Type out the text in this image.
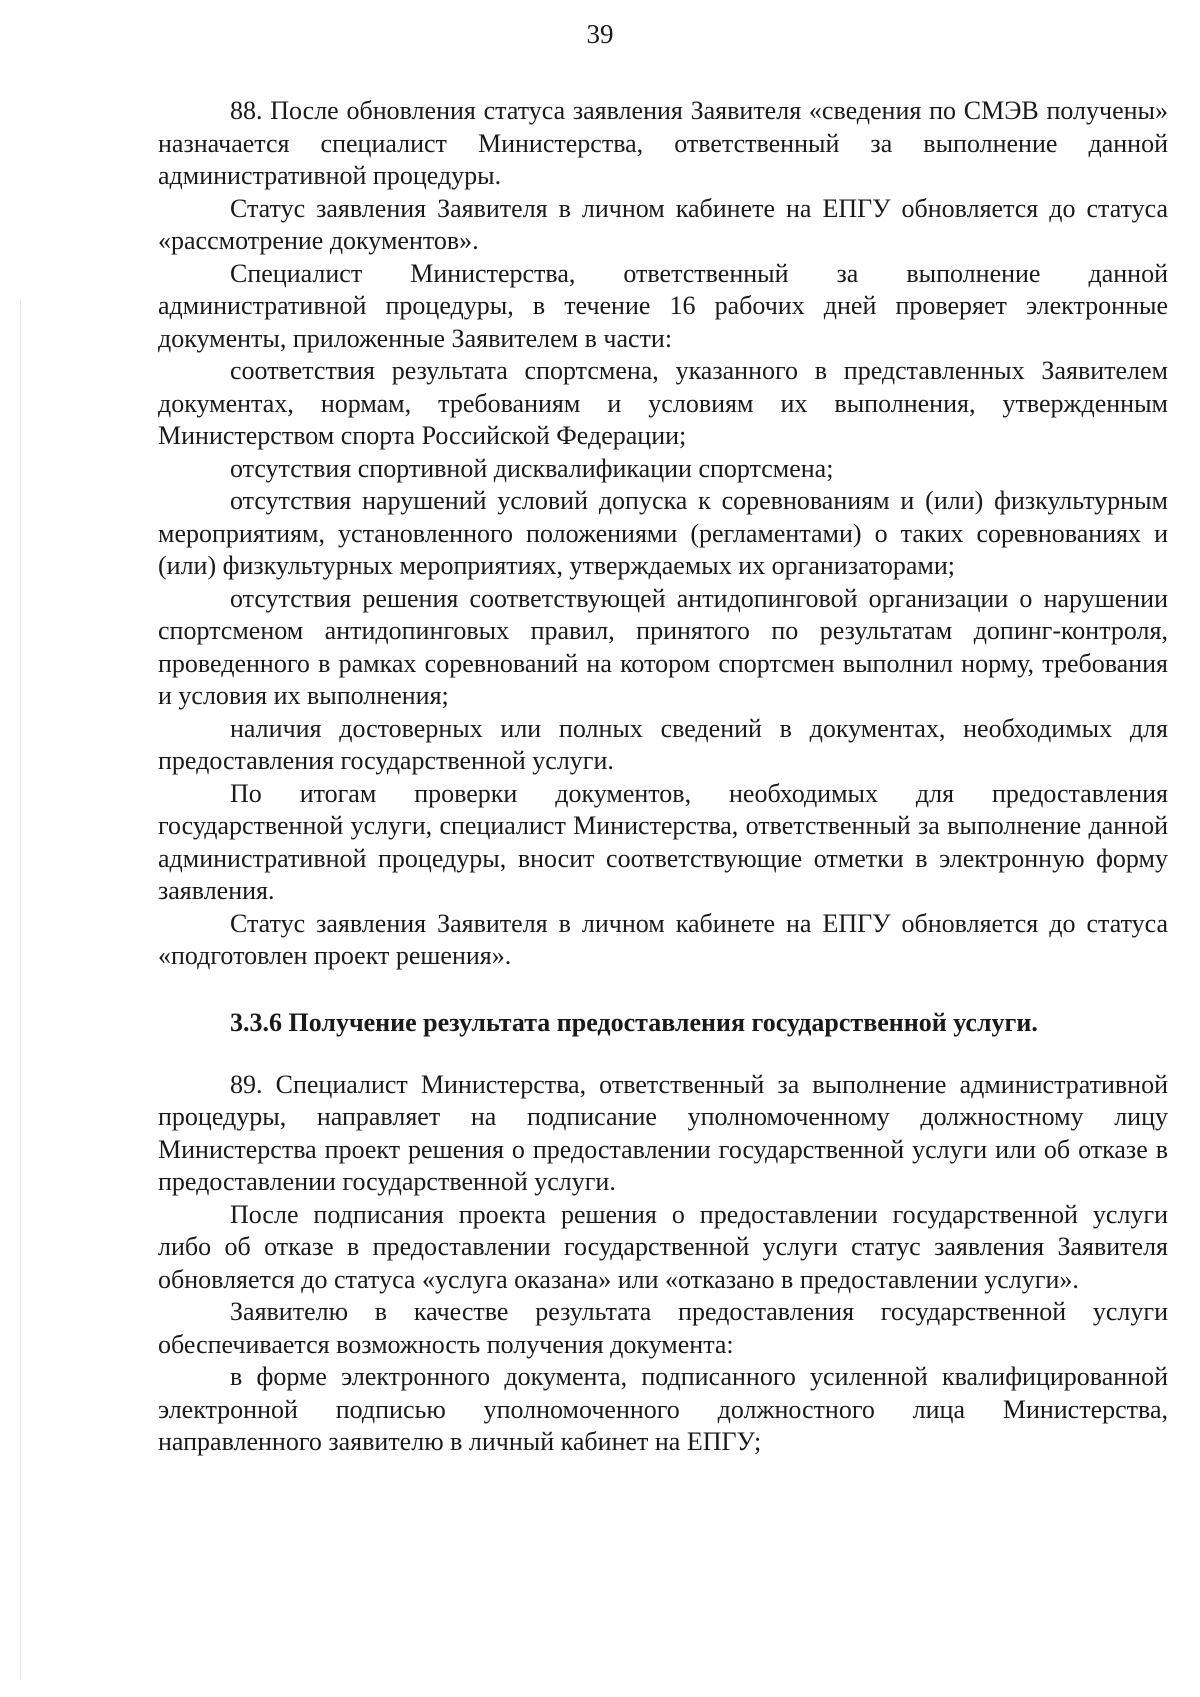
39

88. После обновления статуса заявления Заявителя «сведения по СМЭВ получены» назначается специалист Министерства, ответственный за выполнение данной административной процедуры.

Статус заявления Заявителя в личном кабинете на ЕПГУ обновляется до статуса «рассмотрение документов».

Специалист Министерства, ответственный за выполнение данной административной процедуры, в течение 16 рабочих дней проверяет электронные документы, приложенные Заявителем в части:

соответствия результата спортсмена, указанного в представленных Заявителем документах, нормам, требованиям и условиям их выполнения, утвержденным Министерством спорта Российской Федерации;

отсутствия спортивной дисквалификации спортсмена;

отсутствия нарушений условий допуска к соревнованиям и (или) физкультурным мероприятиям, установленного положениями (регламентами) о таких соревнованиях и (или) физкультурных мероприятиях, утверждаемых их организаторами;

отсутствия решения соответствующей антидопинговой организации о нарушении спортсменом антидопинговых правил, принятого по результатам допинг-контроля, проведенного в рамках соревнований на котором спортсмен выполнил норму, требования и условия их выполнения;

наличия достоверных или полных сведений в документах, необходимых для предоставления государственной услуги.

По итогам проверки документов, необходимых для предоставления государственной услуги, специалист Министерства, ответственный за выполнение данной административной процедуры, вносит соответствующие отметки в электронную форму заявления.

Статус заявления Заявителя в личном кабинете на ЕПГУ обновляется до статуса «подготовлен проект решения».

3.3.6 Получение результата предоставления государственной услуги.

89. Специалист Министерства, ответственный за выполнение административной процедуры, направляет на подписание уполномоченному должностному лицу Министерства проект решения о предоставлении государственной услуги или об отказе в предоставлении государственной услуги.

После подписания проекта решения о предоставлении государственной услуги либо об отказе в предоставлении государственной услуги статус заявления Заявителя обновляется до статуса «услуга оказана» или «отказано в предоставлении услуги».

Заявителю в качестве результата предоставления государственной услуги обеспечивается возможность получения документа:

в форме электронного документа, подписанного усиленной квалифицированной электронной подписью уполномоченного должностного лица Министерства, направленного заявителю в личный кабинет на ЕПГУ;
